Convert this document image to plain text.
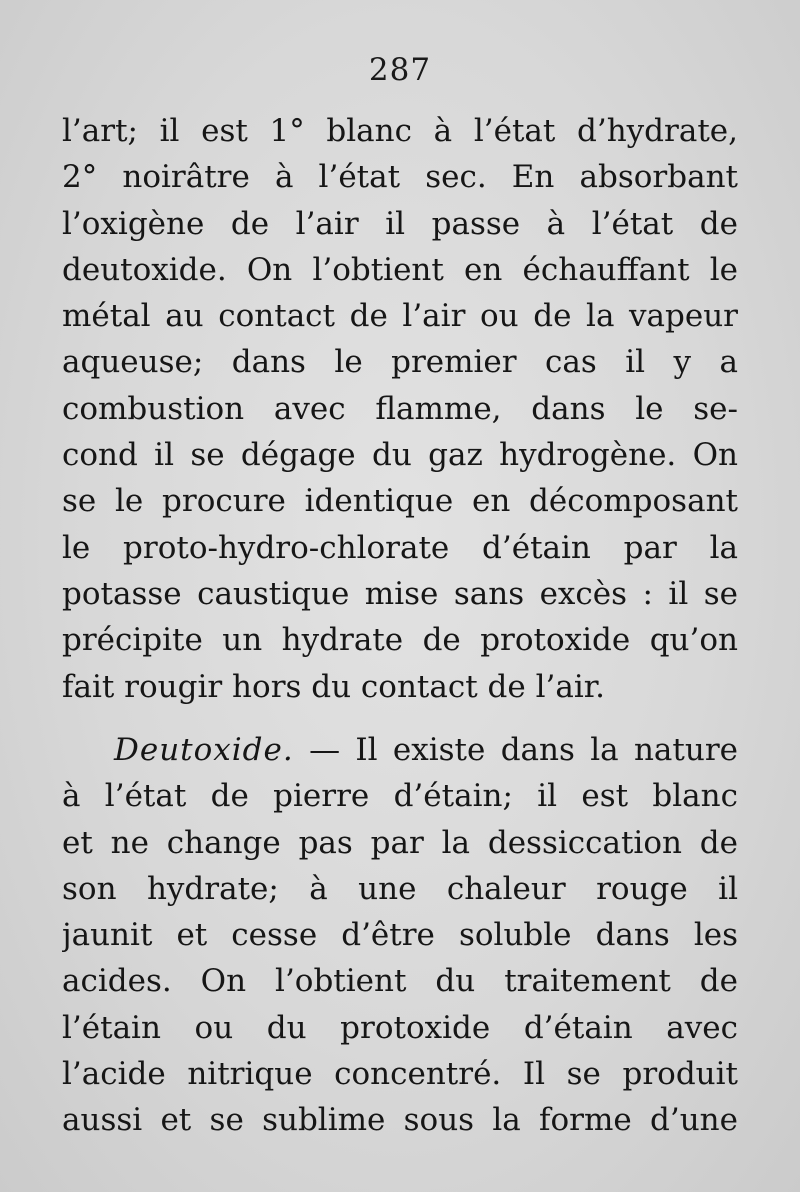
287
l’art; il est 1° blanc à l’état d’hydrate,
2° noirâtre à l’état sec. En absorbant
l’oxigène de l’air il passe à l’état de
deutoxide. On l’obtient en échauffant le
métal au contact de l’air ou de la vapeur
aqueuse; dans le premier cas il y a
combustion avec flamme, dans le se-
cond il se dégage du gaz hydrogène. On
se le procure identique en décomposant
le proto-hydro-chlorate d’étain par la
potasse caustique mise sans excès : il se
précipite un hydrate de protoxide qu’on
fait rougir hors du contact de l’air.
Deutoxide. — Il existe dans la nature
à l’état de pierre d’étain; il est blanc
et ne change pas par la dessiccation de
son hydrate; à une chaleur rouge il
jaunit et cesse d’être soluble dans les
acides. On l’obtient du traitement de
l’étain ou du protoxide d’étain avec
l’acide nitrique concentré. Il se produit
aussi et se sublime sous la forme d’une
